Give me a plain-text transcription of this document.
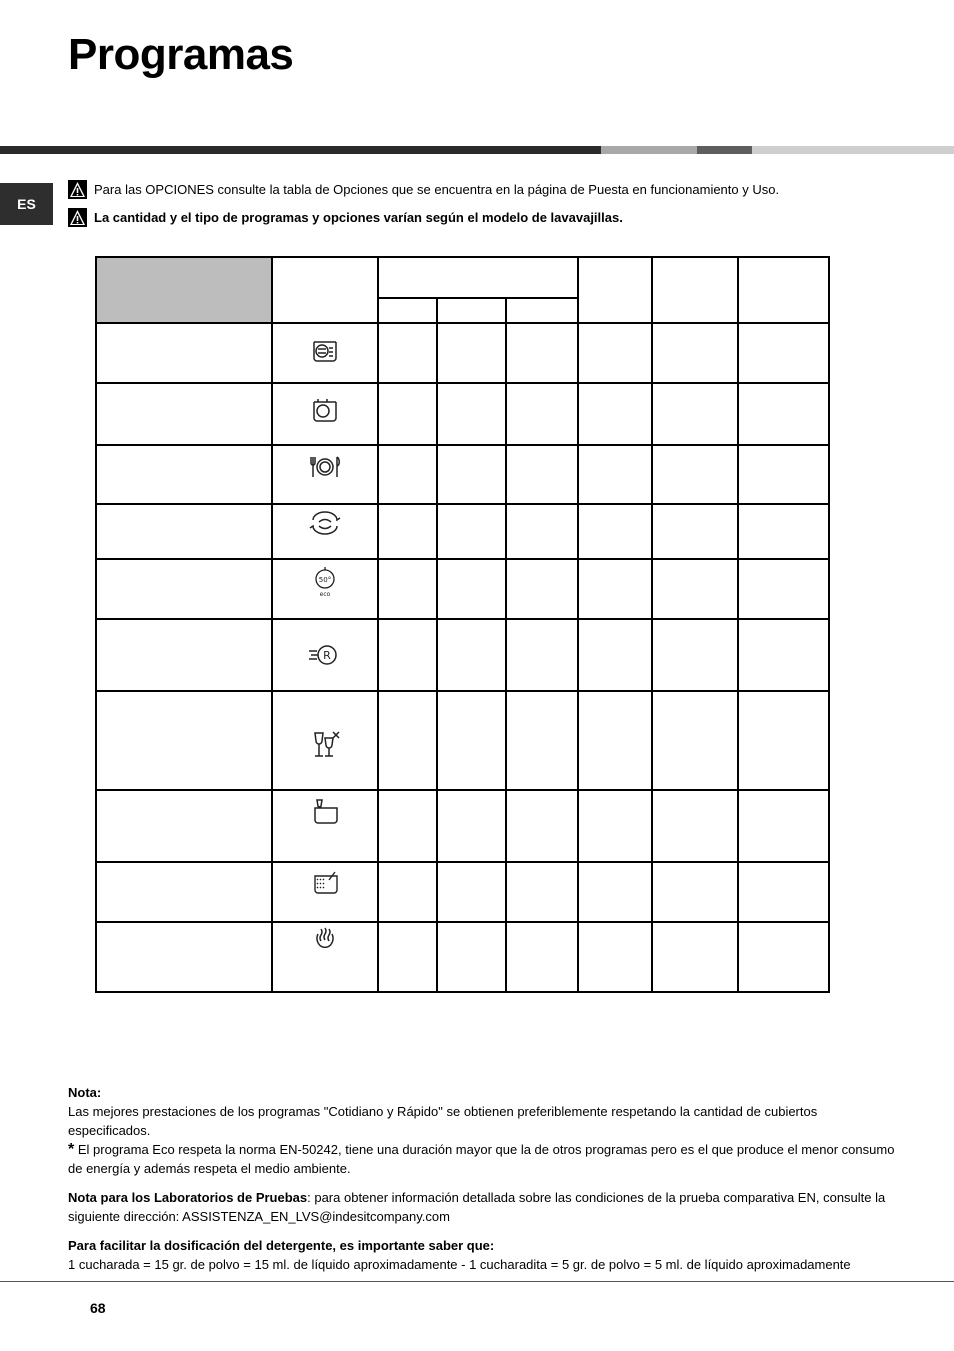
Programas
ES
Para las OPCIONES consulte la tabla de Opciones que se encuentra en la página de Puesta en funcionamiento y Uso.
La cantidad y el tipo de programas y opciones varían según el modelo de lavavajillas.
50°
eco
R

Nota:

Las mejores prestaciones de los programas "Cotidiano y Rápido" se obtienen preferiblemente respetando la cantidad de cubiertos especificados.

* El programa Eco respeta la norma EN-50242, tiene una duración mayor que la de otros programas pero es el que produce el menor consumo de energía y además respeta el medio ambiente.

Nota para los Laboratorios de Pruebas: para obtener información detallada sobre las condiciones de la prueba comparativa EN, consulte la siguiente dirección: ASSISTENZA_EN_LVS@indesitcompany.com

Para facilitar la dosificación del detergente, es importante saber que:

1 cucharada = 15 gr. de polvo = 15 ml. de líquido aproximadamente - 1 cucharadita = 5 gr. de polvo = 5 ml. de líquido aproximadamente

68
